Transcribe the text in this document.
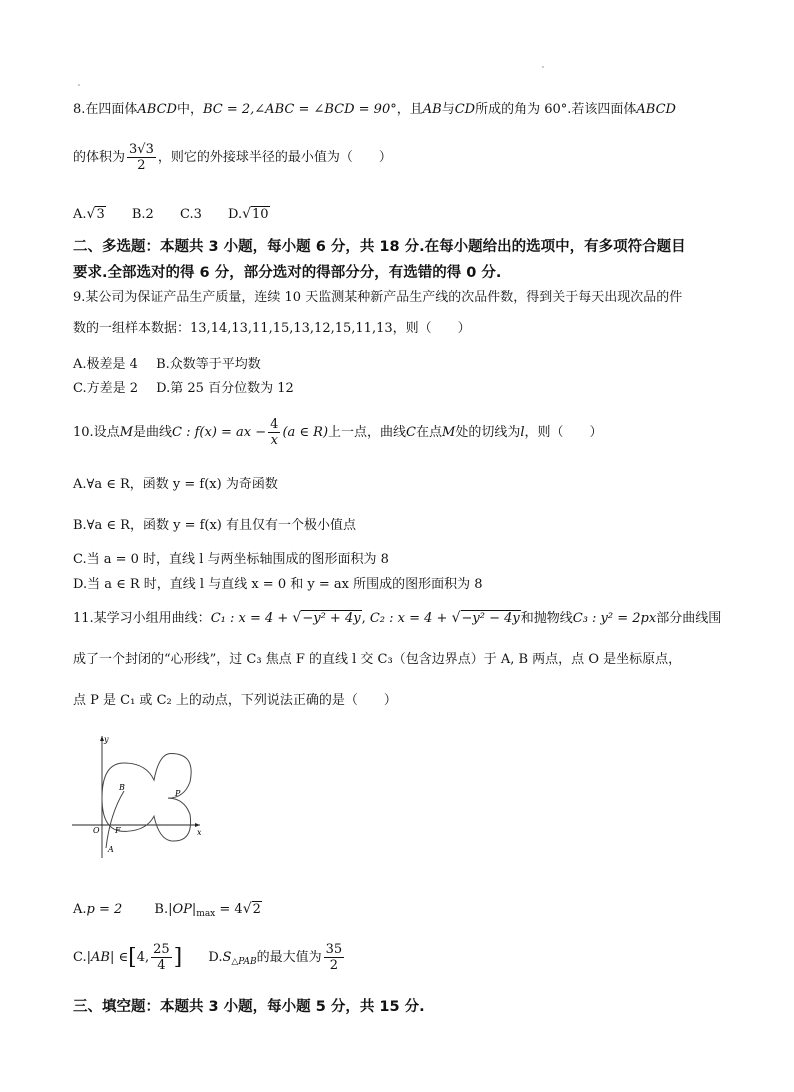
8.在四面体ABCD中，BC = 2,∠ABC = ∠BCD = 90°，且AB与CD所成的角为 60°.若该四面体ABCD
的体积为 $\frac{3√3}{2}$ ，则它的外接球半径的最小值为（　　）
A.√3 B.2 C.3 D.√10
二、多选题：本题共 3 小题，每小题 6 分，共 18 分.在每小题给出的选项中，有多项符合题目
要求.全部选对的得 6 分，部分选对的得部分分，有选错的得 0 分.
9.某公司为保证产品生产质量，连续 10 天监测某种新产品生产线的次品件数，得到关于每天出现次品的件
数的一组样本数据：13,14,13,11,15,13,12,15,11,13，则（　　）
A.极差是 4 B.众数等于平均数
C.方差是 2 D.第 25 百分位数为 12
10.设点M是曲线C : f(x) = ax − $\frac{4}{x} (a$ ∈ R)上一点，曲线C在点M处的切线为l，则（　　）
A.∀a ∈ R，函数 y = f(x) 为奇函数
B.∀a ∈ R，函数 y = f(x) 有且仅有一个极小值点
C.当 a = 0 时，直线 l 与两坐标轴围成的图形面积为 8
D.当 a ∈ R 时，直线 l 与直线 x = 0 和 y = ax 所围成的图形面积为 8
11.某学习小组用曲线：C₁ : x = 4 + √−y² + 4y, C₂ : x = 4 + √−y² − 4y和抛物线C₃ : y² = 2px部分曲线围
成了一个封闭的“心形线”，过 C₃ 焦点 F 的直线 l 交 C₃（包含边界点）于 A, B 两点，点 O 是坐标原点，
点 P 是 C₁ 或 C₂ 上的动点，下列说法正确的是（　　）
y
x
B
P
O F
A
A.p = 2 $B.|OP|_{max} = 4√2$
C.|AB| ∈[4, $\frac{25}{4}$ ] $D.S_{\triangle PAB}$的最大值为 $\frac{35}{2}$
三、填空题：本题共 3 小题，每小题 5 分，共 15 分.
